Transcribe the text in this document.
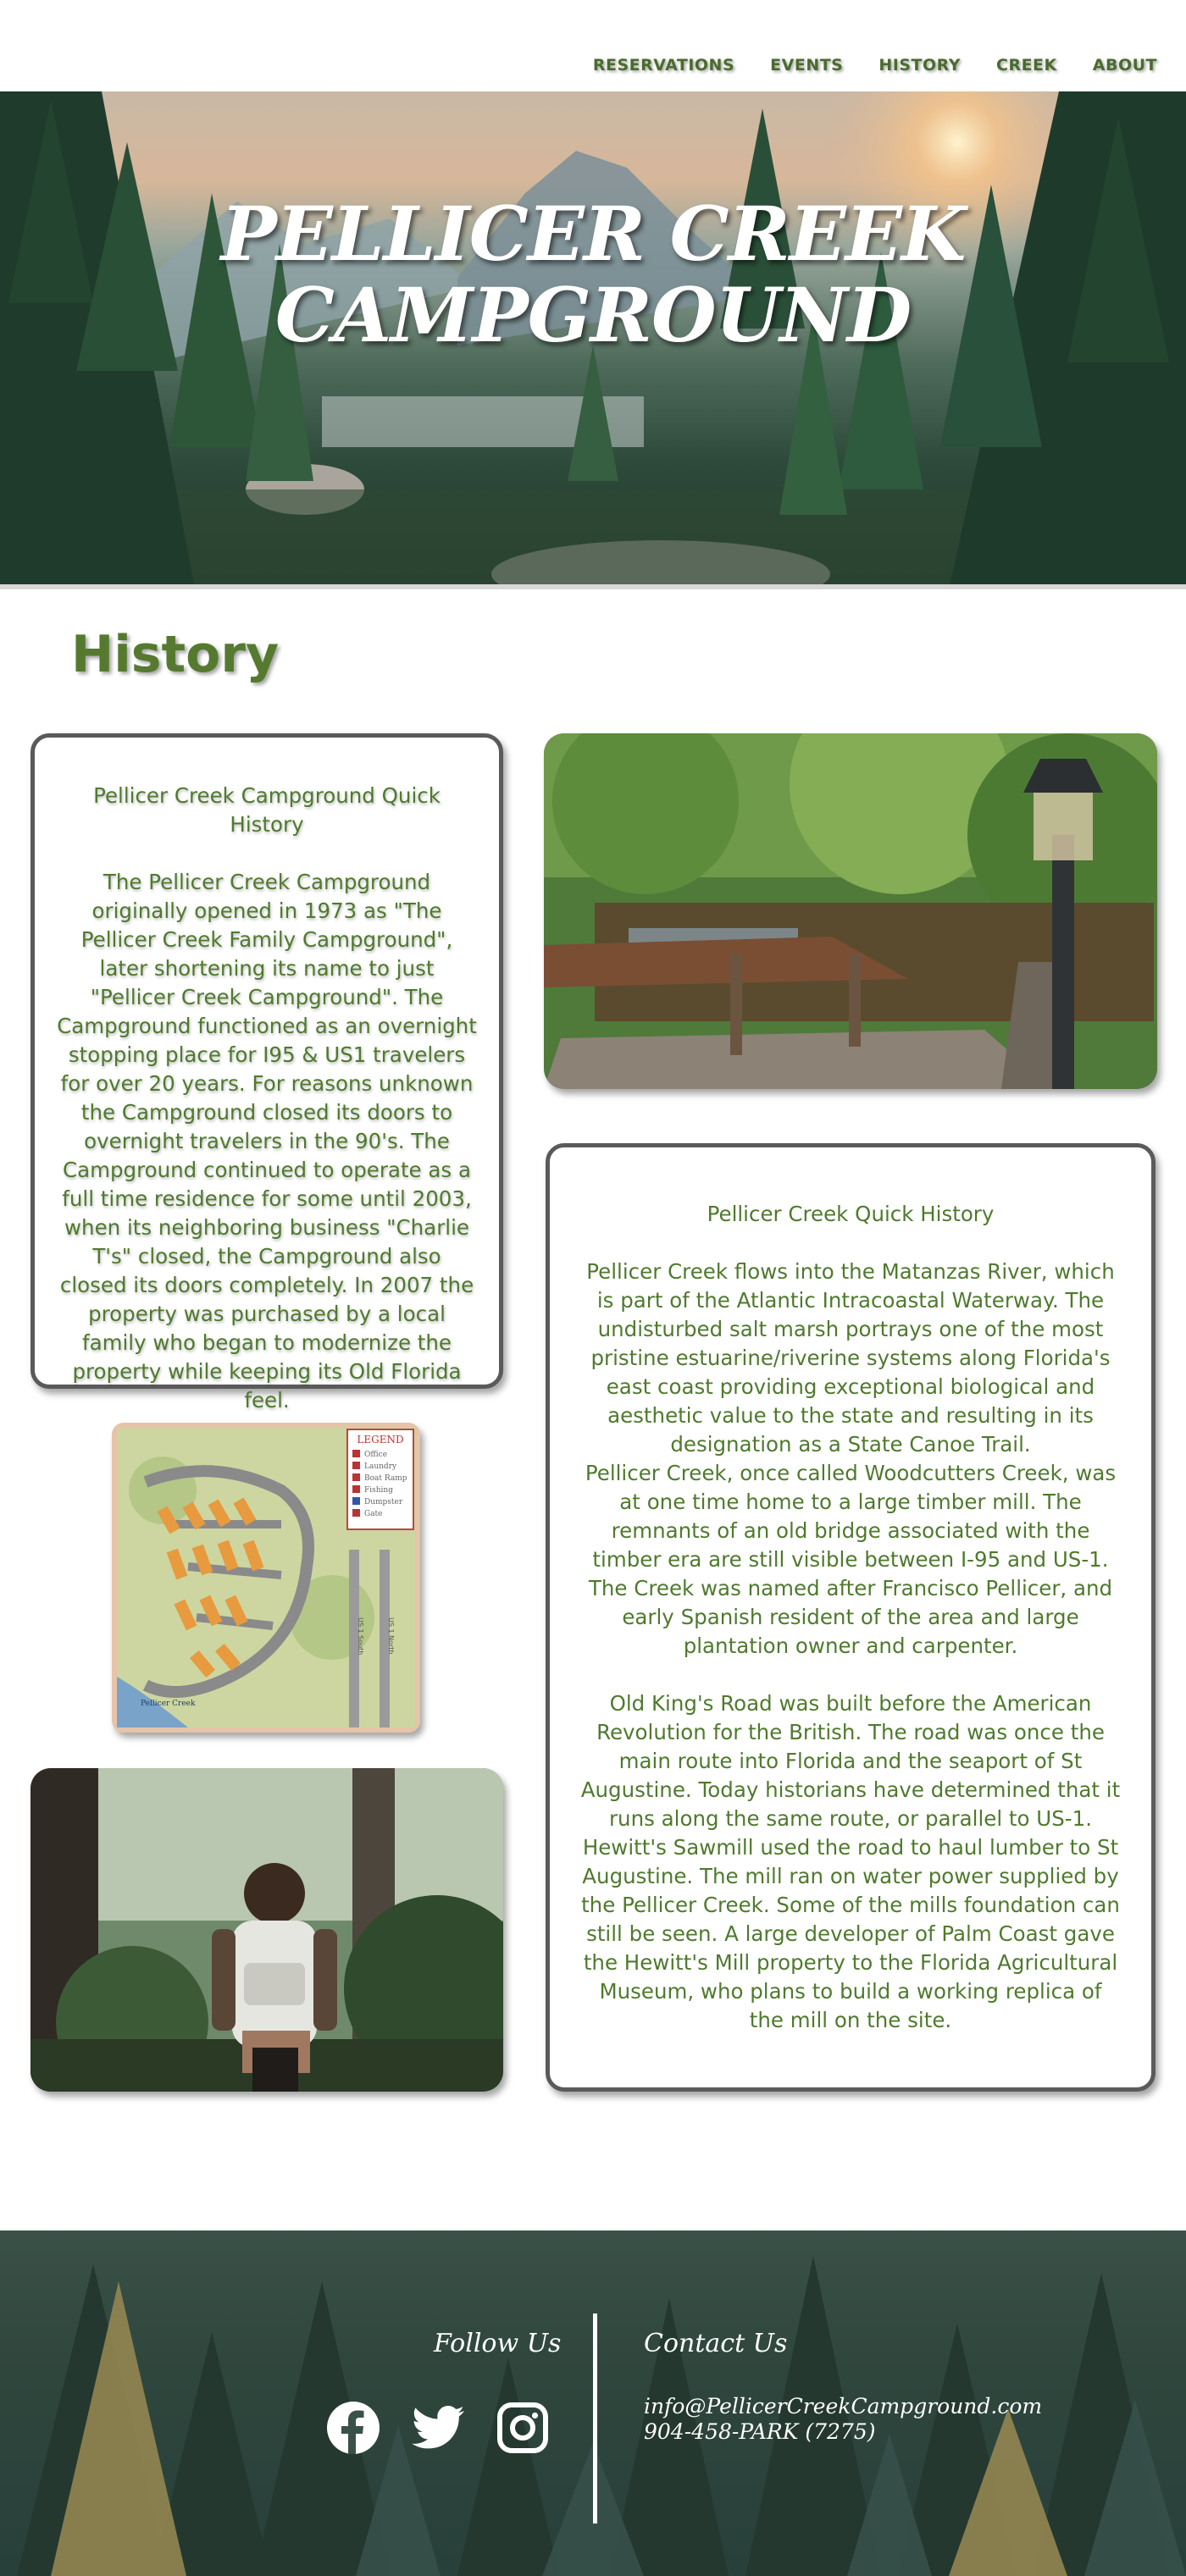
RESERVATIONS EVENTS HISTORY CREEK ABOUT
PELLICER CREEK
CAMPGROUND
History
Pellicer Creek Campground Quick History

The Pellicer Creek Campground originally opened in 1973 as "The Pellicer Creek Family Campground", later shortening its name to just "Pellicer Creek Campground". The Campground functioned as an overnight stopping place for I95 & US1 travelers for over 20 years. For reasons unknown the Campground closed its doors to overnight travelers in the 90's. The Campground continued to operate as a full time residence for some until 2003, when its neighboring business "Charlie T's" closed, the Campground also closed its doors completely. In 2007 the property was purchased by a local family who began to modernize the property while keeping its Old Florida feel.

Pellicer Creek Quick History

Pellicer Creek flows into the Matanzas River, which is part of the Atlantic Intracoastal Waterway. The undisturbed salt marsh portrays one of the most pristine estuarine/riverine systems along Florida's east coast providing exceptional biological and aesthetic value to the state and resulting in its designation as a State Canoe Trail.

Pellicer Creek, once called Woodcutters Creek, was at one time home to a large timber mill. The remnants of an old bridge associated with the timber era are still visible between I-95 and US-1. The Creek was named after Francisco Pellicer, and early Spanish resident of the area and large plantation owner and carpenter.

Old King's Road was built before the American Revolution for the British. The road was once the main route into Florida and the seaport of St Augustine. Today historians have determined that it runs along the same route, or parallel to US-1. Hewitt's Sawmill used the road to haul lumber to St Augustine. The mill ran on water power supplied by the Pellicer Creek. Some of the mills foundation can still be seen. A large developer of Palm Coast gave the Hewitt's Mill property to the Florida Agricultural Museum, who plans to build a working replica of the mill on the site.

LEGEND
Office
Laundry
Boat Ramp
Fishing
Dumpster
Gate
US 1 South	US 1 North
Pellicer Creek
Follow Us	Contact Us
info@PellicerCreekCampground.com
904-458-PARK (7275)
